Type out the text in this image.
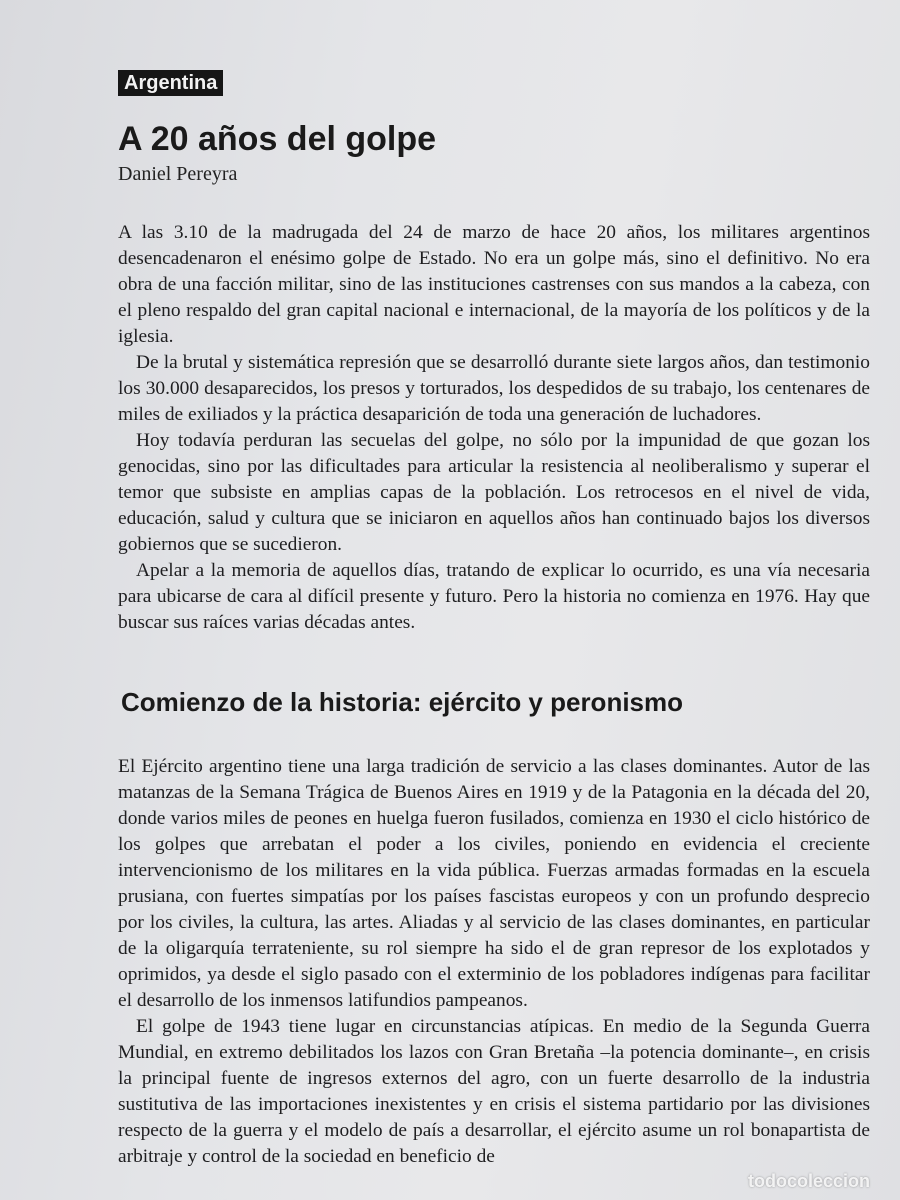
Argentina
A 20 años del golpe
Daniel Pereyra

A las 3.10 de la madrugada del 24 de marzo de hace 20 años, los militares argentinos desencadenaron el enésimo golpe de Estado. No era un golpe más, sino el definitivo. No era obra de una facción militar, sino de las instituciones castrenses con sus mandos a la cabeza, con el pleno respaldo del gran capital nacional e internacional, de la mayoría de los políticos y de la iglesia.

De la brutal y sistemática represión que se desarrolló durante siete largos años, dan testimonio los 30.000 desaparecidos, los presos y torturados, los despedidos de su trabajo, los centenares de miles de exiliados y la práctica desaparición de toda una generación de luchadores.

Hoy todavía perduran las secuelas del golpe, no sólo por la impunidad de que gozan los genocidas, sino por las dificultades para articular la resistencia al neoliberalismo y superar el temor que subsiste en amplias capas de la población. Los retrocesos en el nivel de vida, educación, salud y cultura que se iniciaron en aquellos años han continuado bajos los diversos gobiernos que se sucedieron.

Apelar a la memoria de aquellos días, tratando de explicar lo ocurrido, es una vía necesaria para ubicarse de cara al difícil presente y futuro. Pero la historia no comienza en 1976. Hay que buscar sus raíces varias décadas antes.

Comienzo de la historia: ejército y peronismo

El Ejército argentino tiene una larga tradición de servicio a las clases dominantes. Autor de las matanzas de la Semana Trágica de Buenos Aires en 1919 y de la Patagonia en la década del 20, donde varios miles de peones en huelga fueron fusilados, comienza en 1930 el ciclo histórico de los golpes que arrebatan el poder a los civiles, poniendo en evidencia el creciente intervencionismo de los militares en la vida pública. Fuerzas armadas formadas en la escuela prusiana, con fuertes simpatías por los países fascistas europeos y con un profundo desprecio por los civiles, la cultura, las artes. Aliadas y al servicio de las clases dominantes, en particular de la oligarquía terrateniente, su rol siempre ha sido el de gran represor de los explotados y oprimidos, ya desde el siglo pasado con el exterminio de los pobladores indígenas para facilitar el desarrollo de los inmensos latifundios pampeanos.

El golpe de 1943 tiene lugar en circunstancias atípicas. En medio de la Segunda Guerra Mundial, en extremo debilitados los lazos con Gran Bretaña –la potencia dominante–, en crisis la principal fuente de ingresos externos del agro, con un fuerte desarrollo de la industria sustitutiva de las importaciones inexistentes y en crisis el sistema partidario por las divisiones respecto de la guerra y el modelo de país a desarrollar, el ejército asume un rol bonapartista de arbitraje y control de la sociedad en beneficio de

todocoleccion
